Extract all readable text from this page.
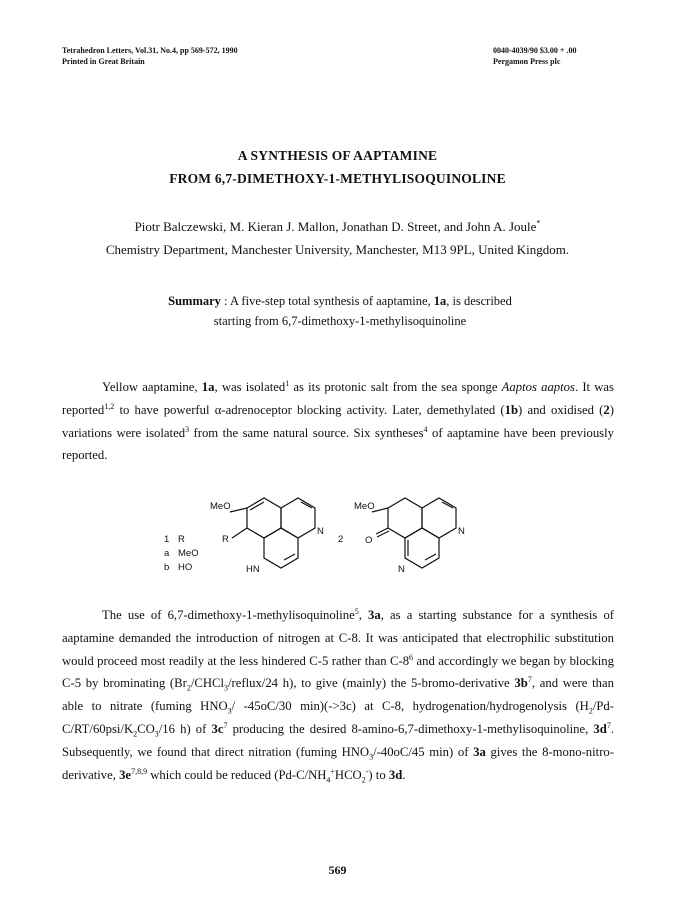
Tetrahedron Letters, Vol.31, No.4, pp 569-572, 1990
Printed in Great Britain
0040-4039/90 $3.00 + .00
Pergamon Press plc
A SYNTHESIS OF AAPTAMINE
FROM 6,7-DIMETHOXY-1-METHYLISOQUINOLINE
Piotr Balczewski, M. Kieran J. Mallon, Jonathan D. Street, and John A. Joule*
Chemistry Department, Manchester University, Manchester, M13 9PL, United Kingdom.
Summary : A five-step total synthesis of aaptamine, 1a, is described
starting from 6,7-dimethoxy-1-methylisoquinoline

Yellow aaptamine, 1a, was isolated$^1$ as its protonic salt from the sea sponge Aaptos aaptos. It was reported$^{1,2}$ to have powerful α-adrenoceptor blocking activity. Later, demethylated (1b) and oxidised (2) variations were isolated$^3$ from the same natural source. Six syntheses$^4$ of aaptamine have been previously reported.

MeO
R
N
HN
1 R
a MeO
b HO
2
MeO
O
N
N

The use of 6,7-dimethoxy-1-methylisoquinoline$^5$, 3a, as a starting substance for a synthesis of aaptamine demanded the introduction of nitrogen at C-8. It was anticipated that electrophilic substitution would proceed most readily at the less hindered C-5 rather than $C-8^6$ and accordingly we began by blocking C-5 by brominating ($Br_2/CHCl_3/reflux/24$ h), to give (mainly) the 5-bromo-derivative $3b^7$, and were than able to nitrate (fuming $HNO_3/$ -45oC/30 min)(->3c) at C-8, hydrogenation/hydrogenolysis ($H_2/Pd-C/RT/60psi/K_2CO_3/16$ h) of $3c^7$ producing the desired 8-amino-6,7-dimethoxy-1-methylisoquinoline, $3d^7$. Subsequently, we found that direct nitration (fuming $HNO_3/-40oC/45$ min) of 3a gives the 8-mono-nitro-derivative, $3e^{7,8,9}$ which could be reduced $(Pd-C/NH_4^+HCO_2^-)$ to 3d.

569
